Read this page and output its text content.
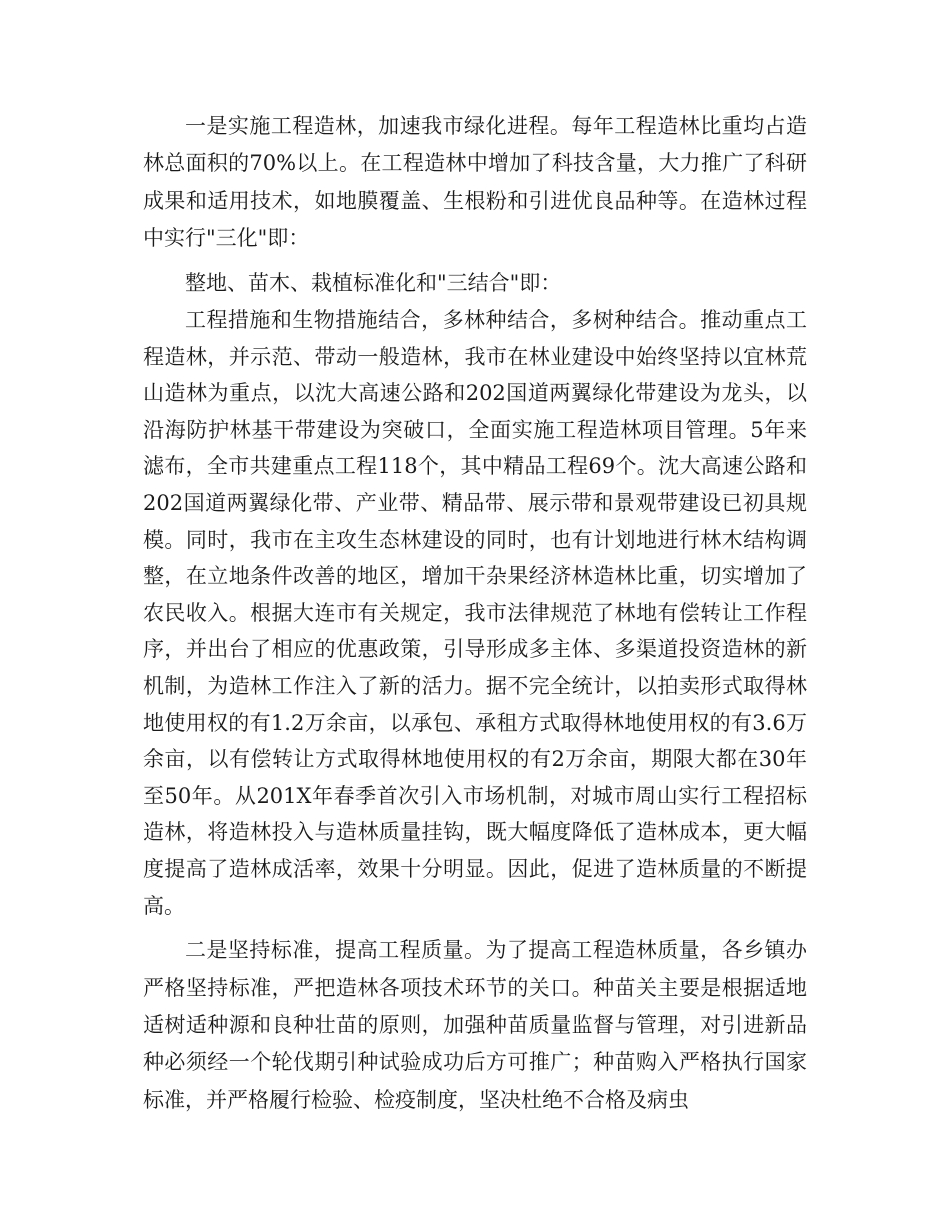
一是实施工程造林，加速我市绿化进程。每年工程造林比重均占造林总面积的70%以上。在工程造林中增加了科技含量，大力推广了科研成果和适用技术，如地膜覆盖、生根粉和引进优良品种等。在造林过程中实行"三化"即：

整地、苗木、栽植标准化和"三结合"即：

工程措施和生物措施结合，多林种结合，多树种结合。推动重点工程造林，并示范、带动一般造林，我市在林业建设中始终坚持以宜林荒山造林为重点，以沈大高速公路和202国道两翼绿化带建设为龙头，以沿海防护林基干带建设为突破口，全面实施工程造林项目管理。5年来滤布，全市共建重点工程118个，其中精品工程69个。沈大高速公路和202国道两翼绿化带、产业带、精品带、展示带和景观带建设已初具规模。同时，我市在主攻生态林建设的同时，也有计划地进行林木结构调整，在立地条件改善的地区，增加干杂果经济林造林比重，切实增加了农民收入。根据大连市有关规定，我市法律规范了林地有偿转让工作程序，并出台了相应的优惠政策，引导形成多主体、多渠道投资造林的新机制，为造林工作注入了新的活力。据不完全统计，以拍卖形式取得林地使用权的有1.2万余亩，以承包、承租方式取得林地使用权的有3.6万余亩，以有偿转让方式取得林地使用权的有2万余亩，期限大都在30年至50年。从201X年春季首次引入市场机制，对城市周山实行工程招标造林，将造林投入与造林质量挂钩，既大幅度降低了造林成本，更大幅度提高了造林成活率，效果十分明显。因此，促进了造林质量的不断提高。

二是坚持标准，提高工程质量。为了提高工程造林质量，各乡镇办严格坚持标准，严把造林各项技术环节的关口。种苗关主要是根据适地适树适种源和良种壮苗的原则，加强种苗质量监督与管理，对引进新品种必须经一个轮伐期引种试验成功后方可推广；种苗购入严格执行国家标准，并严格履行检验、检疫制度，坚决杜绝不合格及病虫
